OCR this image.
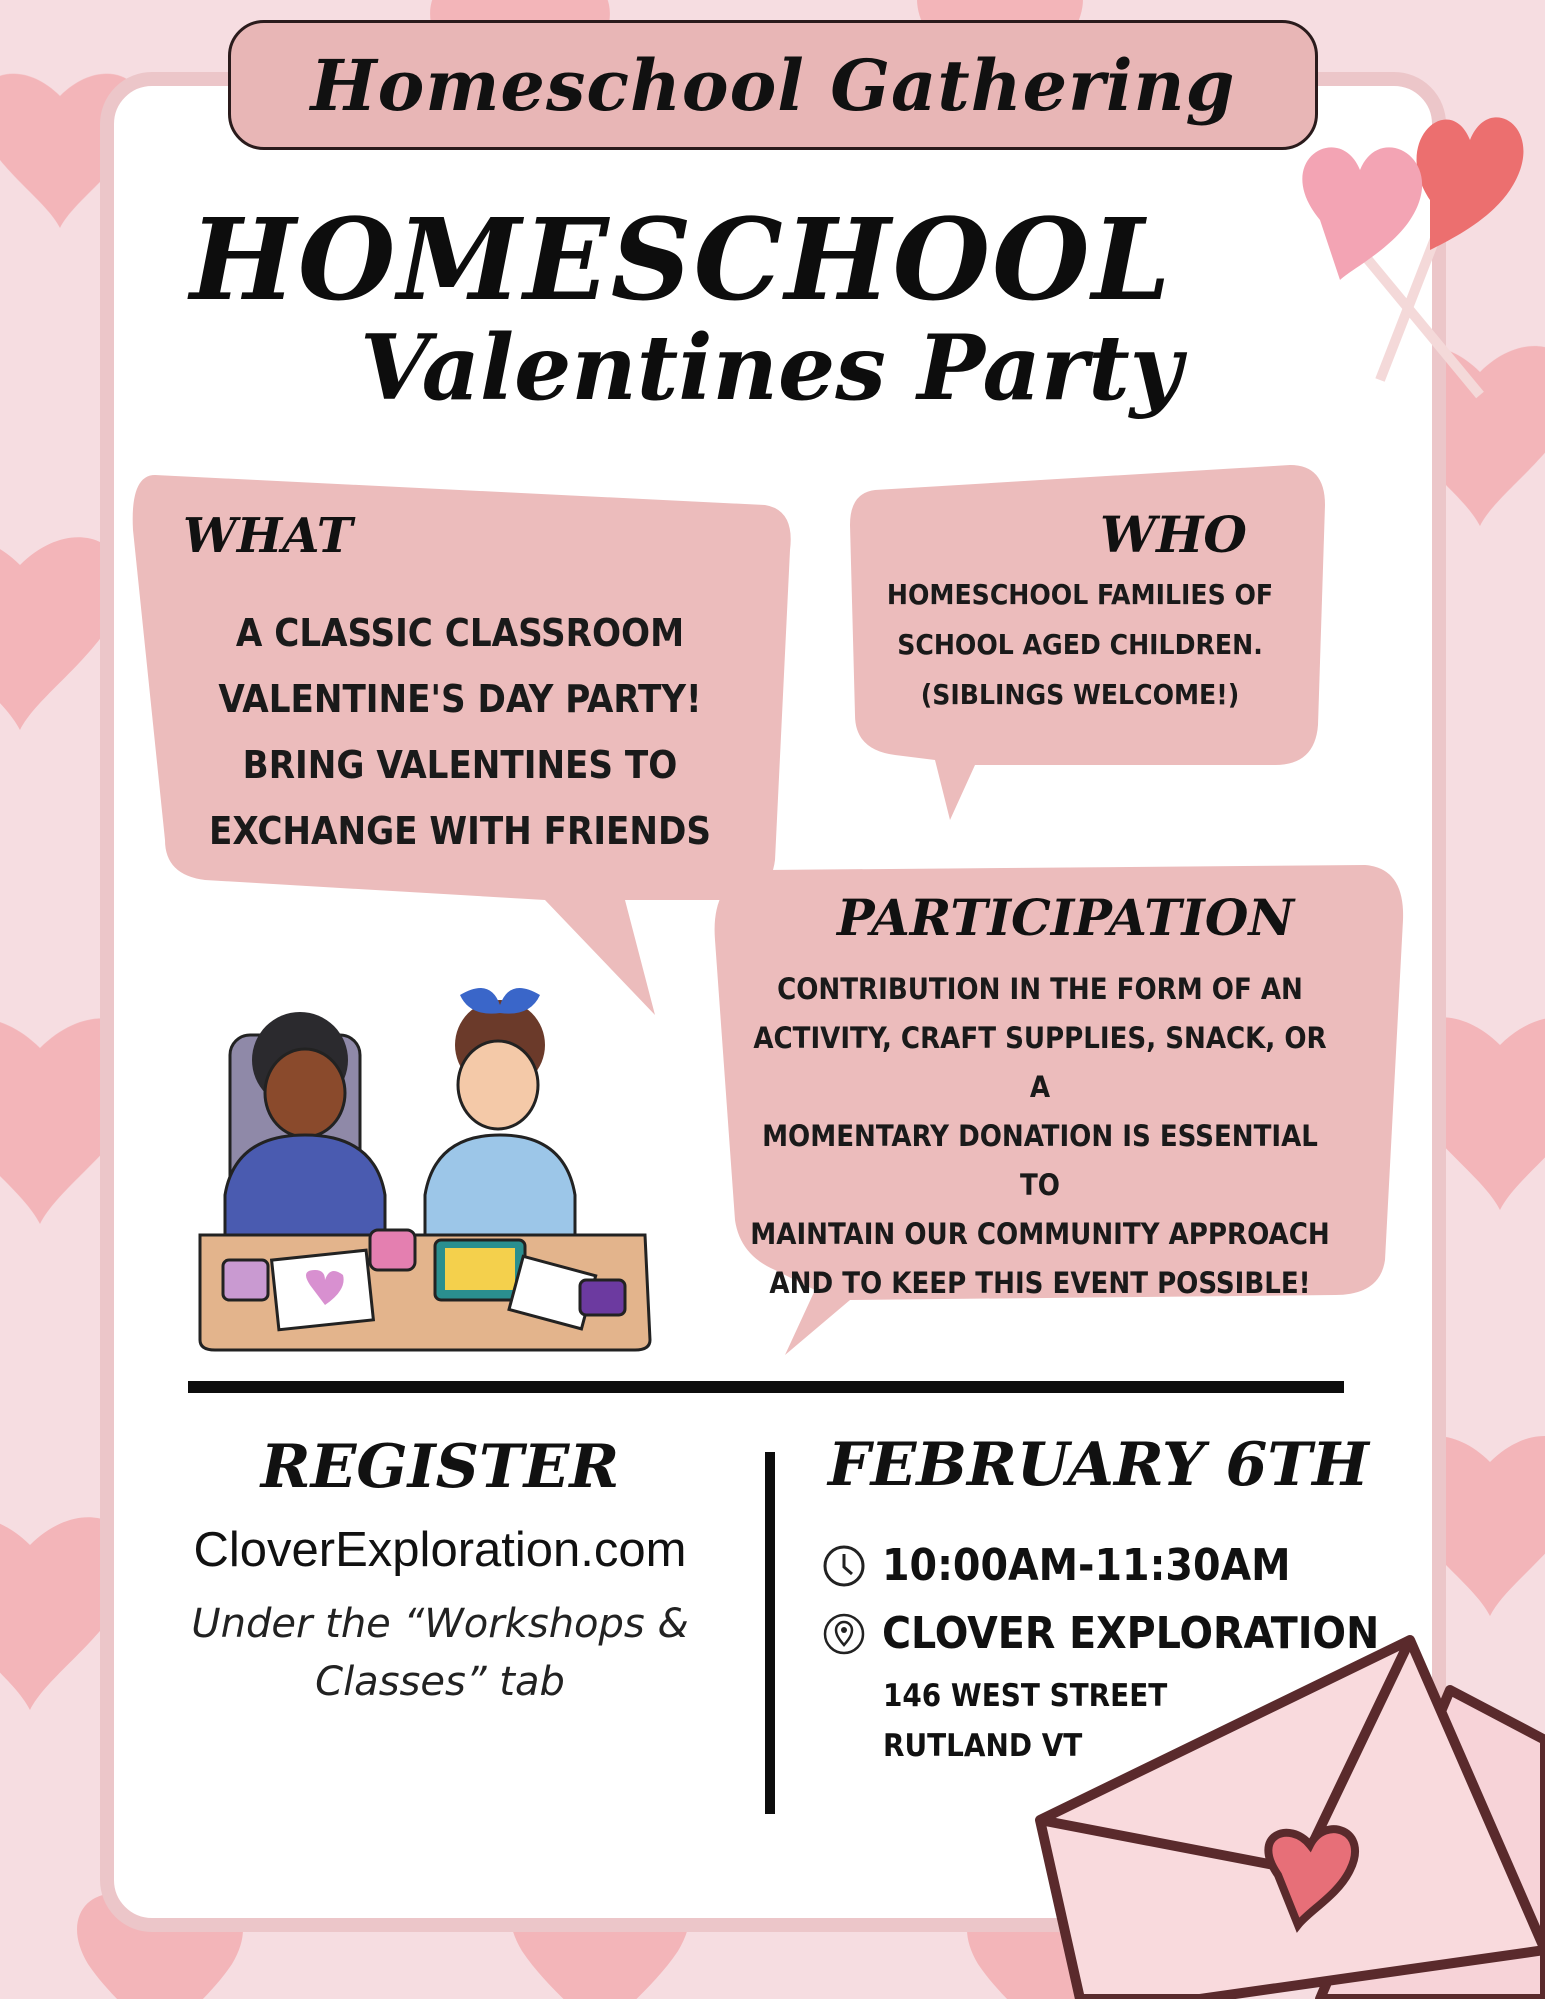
Homeschool Gathering
HOMESCHOOL
Valentines Party
WHAT
A CLASSIC CLASSROOM
VALENTINE'S DAY PARTY!
BRING VALENTINES TO
EXCHANGE WITH FRIENDS
WHO
HOMESCHOOL FAMILIES OF
SCHOOL AGED CHILDREN.
(SIBLINGS WELCOME!)
PARTICIPATION
CONTRIBUTION IN THE FORM OF AN
ACTIVITY, CRAFT SUPPLIES, SNACK, OR A
MOMENTARY DONATION IS ESSENTIAL TO
MAINTAIN OUR COMMUNITY APPROACH
AND TO KEEP THIS EVENT POSSIBLE!
REGISTER
CloverExploration.com
Under the “Workshops &
Classes” tab
FEBRUARY 6TH
10:00AM-11:30AM
CLOVER EXPLORATION
146 WEST STREET
RUTLAND VT
